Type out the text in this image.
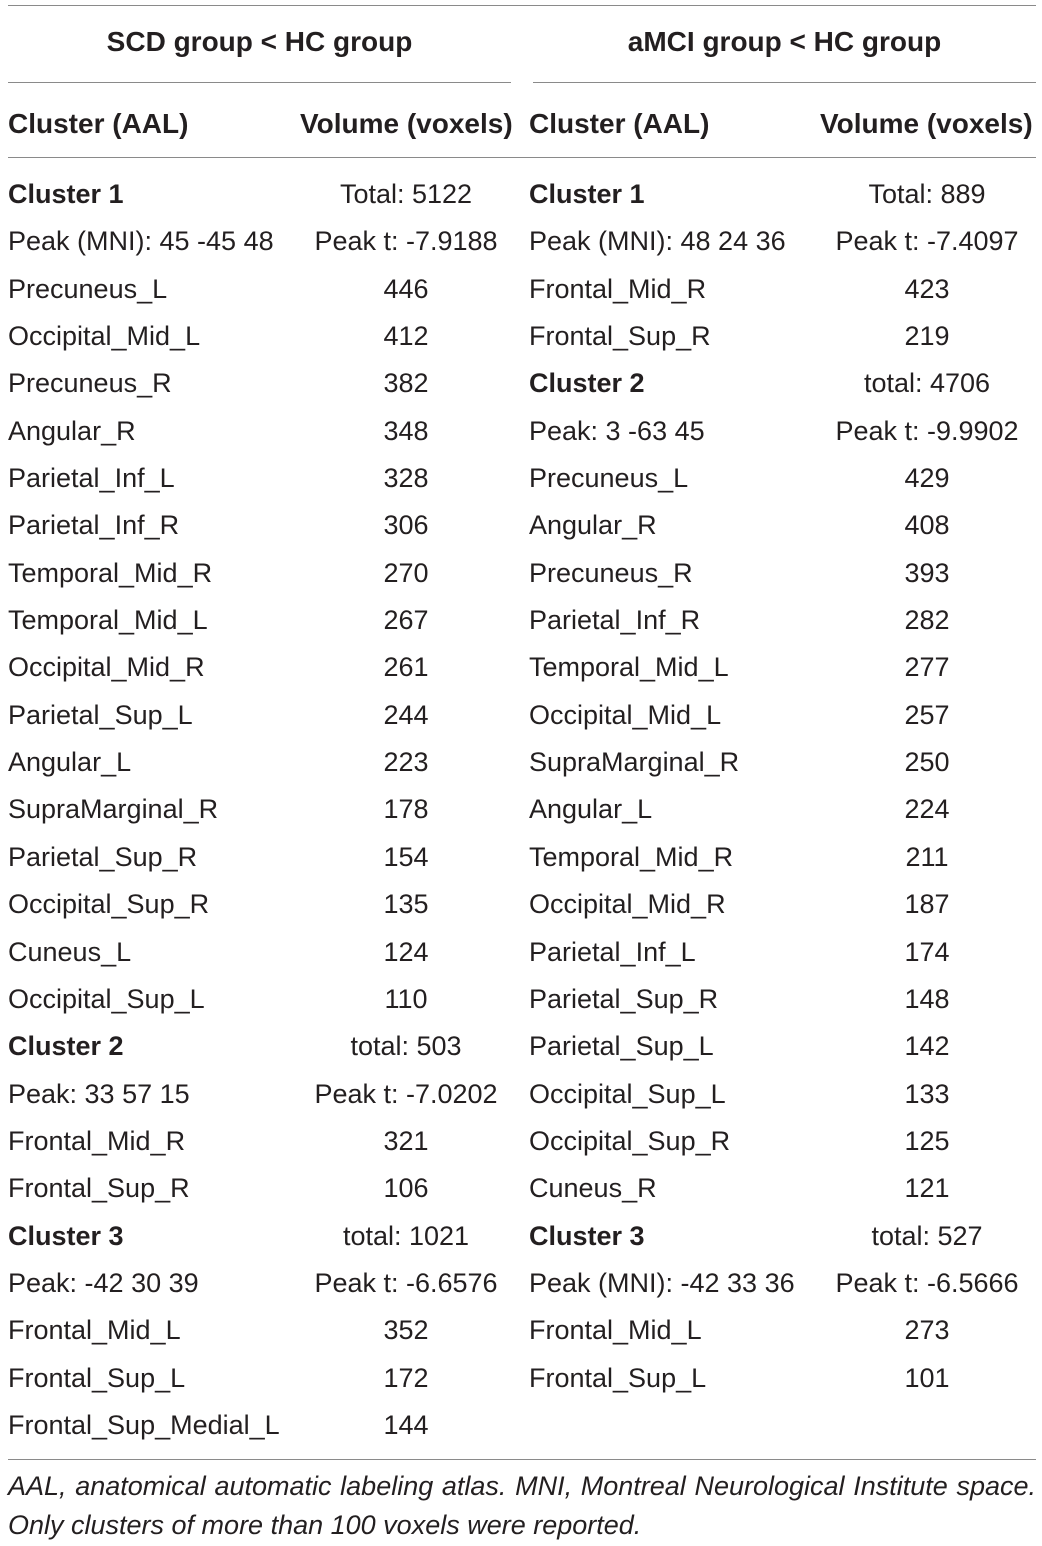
SCD group < HC group	aMCI group < HC group
Cluster (AAL)	Volume (voxels) Cluster (AAL)	Volume (voxels)
Cluster 1	Total: 5122
Peak (MNI): 45 -45 48	Peak t: -7.9188
Precuneus_L	446
Occipital_Mid_L	412
Precuneus_R	382
Angular_R	348
Parietal_Inf_L	328
Parietal_Inf_R	306
Temporal_Mid_R	270
Temporal_Mid_L	267
Occipital_Mid_R	261
Parietal_Sup_L	244
Angular_L	223
SupraMarginal_R	178
Parietal_Sup_R	154
Occipital_Sup_R	135
Cuneus_L	124
Occipital_Sup_L	110
Cluster 2	total: 503
Peak: 33 57 15	Peak t: -7.0202
Frontal_Mid_R	321
Frontal_Sup_R	106
Cluster 3	total: 1021
Peak: -42 30 39	Peak t: -6.6576
Frontal_Mid_L	352
Frontal_Sup_L	172
Frontal_Sup_Medial_L	144
Cluster 1	Total: 889
Peak (MNI): 48 24 36	Peak t: -7.4097
Frontal_Mid_R	423
Frontal_Sup_R	219
Cluster 2	total: 4706
Peak: 3 -63 45	Peak t: -9.9902
Precuneus_L	429
Angular_R	408
Precuneus_R	393
Parietal_Inf_R	282
Temporal_Mid_L	277
Occipital_Mid_L	257
SupraMarginal_R	250
Angular_L	224
Temporal_Mid_R	211
Occipital_Mid_R	187
Parietal_Inf_L	174
Parietal_Sup_R	148
Parietal_Sup_L	142
Occipital_Sup_L	133
Occipital_Sup_R	125
Cuneus_R	121
Cluster 3	total: 527
Peak (MNI): -42 33 36	Peak t: -6.5666
Frontal_Mid_L	273
Frontal_Sup_L	101
AAL, anatomical automatic labeling atlas. MNI, Montreal Neurological Institute space. Only clusters of more than 100 voxels were reported.
